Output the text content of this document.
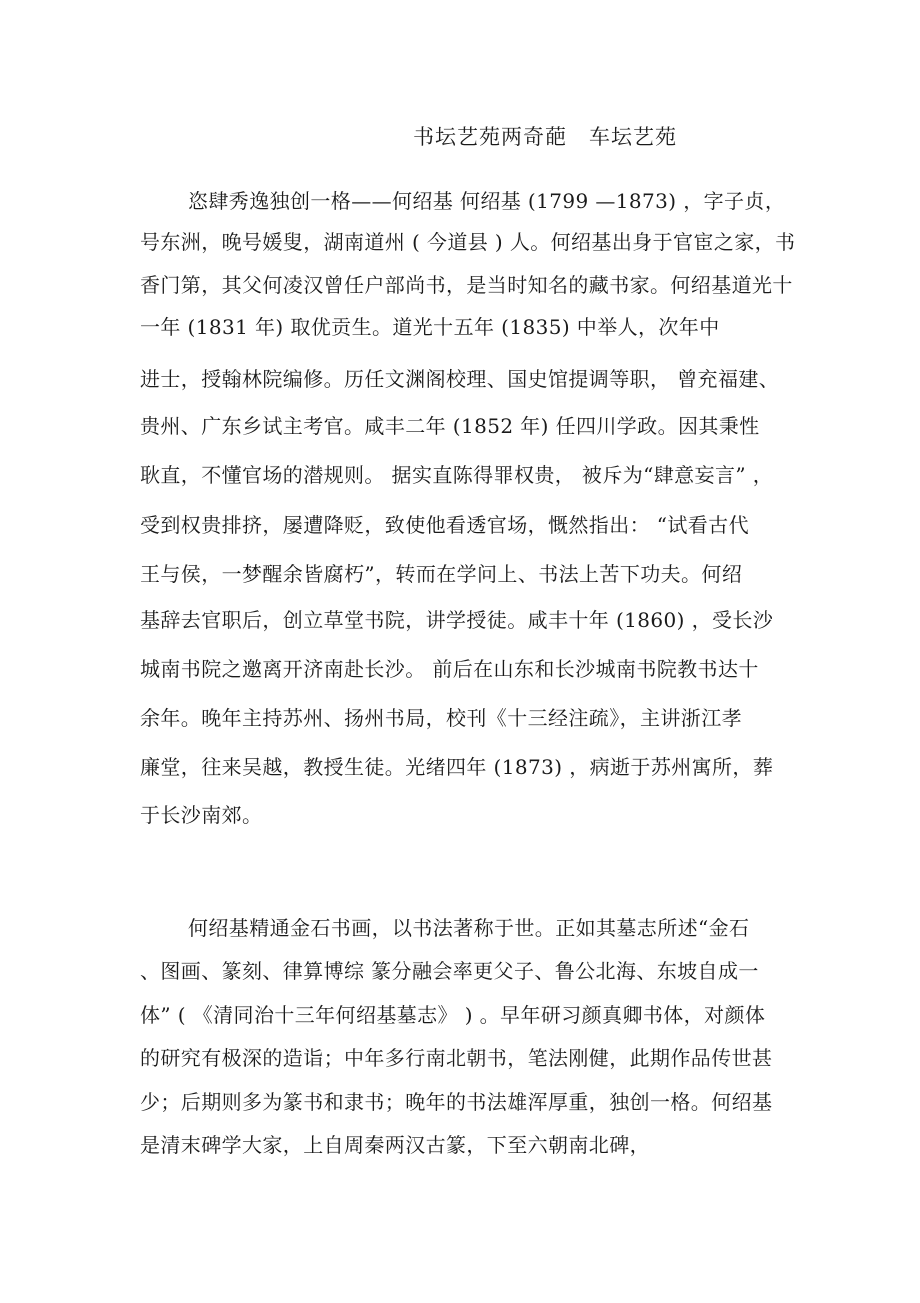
书坛艺苑两奇葩 车坛艺苑
恣肆秀逸独创一格——何绍基 何绍基 (1799 —1873) ，字子贞，
号东洲，晚号媛叟，湖南道州 ( 今道县 ) 人。何绍基出身于官宦之家，书
香门第，其父何凌汉曾任户部尚书，是当时知名的藏书家。何绍基道光十
一年 (1831 年) 取优贡生。道光十五年 (1835) 中举人，次年中
进士，授翰林院编修。历任文渊阁校理、国史馆提调等职， 曾充福建、
贵州、广东乡试主考官。咸丰二年 (1852 年) 任四川学政。因其秉性
耿直，不懂官场的潜规则。 据实直陈得罪权贵， 被斥为“肆意妄言” ，
受到权贵排挤，屡遭降贬，致使他看透官场，慨然指出： “试看古代
王与侯，一梦醒余皆腐朽”，转而在学问上、书法上苦下功夫。何绍
基辞去官职后，创立草堂书院，讲学授徒。咸丰十年 (1860) ，受长沙
城南书院之邀离开济南赴长沙。 前后在山东和长沙城南书院教书达十
余年。晚年主持苏州、扬州书局，校刊《十三经注疏》，主讲浙江孝
廉堂，往来吴越，教授生徒。光绪四年 (1873) ，病逝于苏州寓所，葬
于长沙南郊。
何绍基精通金石书画，以书法著称于世。正如其墓志所述“金石
、图画、篆刻、律算博综 篆分融会率更父子、鲁公北海、东坡自成一
体” ( 《清同治十三年何绍基墓志》 ) 。早年研习颜真卿书体，对颜体
的研究有极深的造诣；中年多行南北朝书，笔法刚健，此期作品传世甚
少；后期则多为篆书和隶书；晚年的书法雄浑厚重，独创一格。何绍基
是清末碑学大家，上自周秦两汉古篆，下至六朝南北碑，
